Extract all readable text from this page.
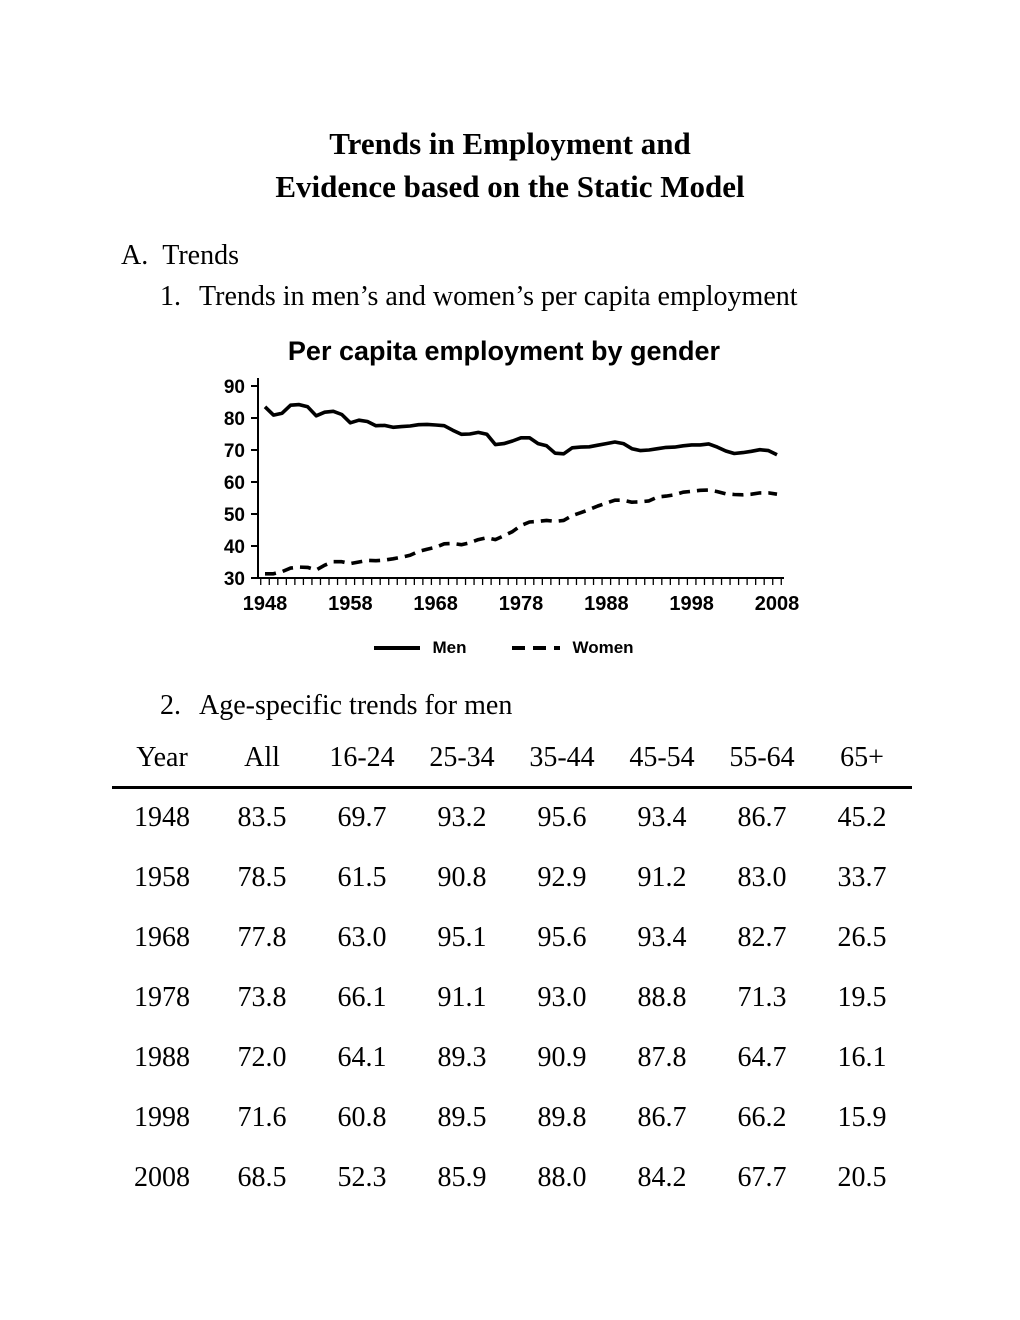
Trends in Employment and
Evidence based on the Static Model
A. Trends
1. Trends in men’s and women’s per capita employment
Per capita employment by gender
30
40
50
60
70
80
90
1948 1958 1968 1978 1988 1998 2008
Men	Women
2. Age-specific trends for men
Year	All	16-24	25-34	35-44	45-54	55-64	65+
1948	83.5	69.7	93.2	95.6	93.4	86.7	45.2
1958	78.5	61.5	90.8	92.9	91.2	83.0	33.7
1968	77.8	63.0	95.1	95.6	93.4	82.7	26.5
1978	73.8	66.1	91.1	93.0	88.8	71.3	19.5
1988	72.0	64.1	89.3	90.9	87.8	64.7	16.1
1998	71.6	60.8	89.5	89.8	86.7	66.2	15.9
2008	68.5	52.3	85.9	88.0	84.2	67.7	20.5
